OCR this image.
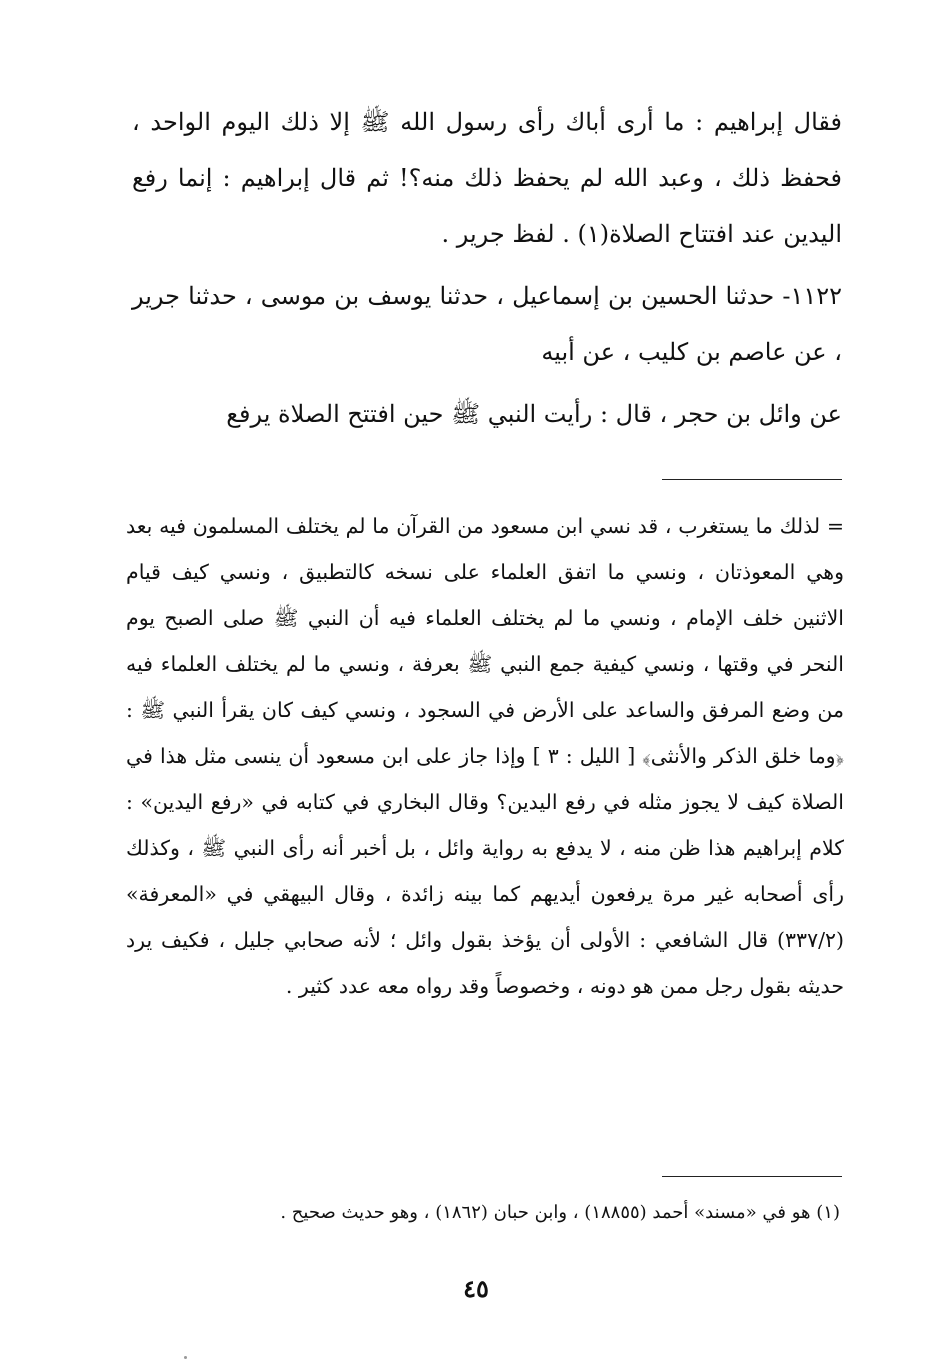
فقال إبراهيم : ما أرى أباك رأى رسول الله ﷺ إلا ذلك اليوم الواحد ، فحفظ ذلك ، وعبد الله لم يحفظ ذلك منه؟! ثم قال إبراهيم : إنما رفع اليدين عند افتتاح الصلاة(١) . لفظ جرير .

١١٢٢- حدثنا الحسين بن إسماعيل ، حدثنا يوسف بن موسى ، حدثنا جرير ، عن عاصم بن كليب ، عن أبيه

عن وائل بن حجر ، قال : رأيت النبي ﷺ حين افتتح الصلاة يرفع

= لذلك ما يستغرب ، قد نسي ابن مسعود من القرآن ما لم يختلف المسلمون فيه بعد وهي المعوذتان ، ونسي ما اتفق العلماء على نسخه كالتطبيق ، ونسي كيف قيام الاثنين خلف الإمام ، ونسي ما لم يختلف العلماء فيه أن النبي ﷺ صلى الصبح يوم النحر في وقتها ، ونسي كيفية جمع النبي ﷺ بعرفة ، ونسي ما لم يختلف العلماء فيه من وضع المرفق والساعد على الأرض في السجود ، ونسي كيف كان يقرأ النبي ﷺ : ﴿وما خلق الذكر والأنثى﴾ [ الليل : ٣ ] وإذا جاز على ابن مسعود أن ينسى مثل هذا في الصلاة كيف لا يجوز مثله في رفع اليدين؟ وقال البخاري في كتابه في «رفع اليدين» : كلام إبراهيم هذا ظن منه ، لا يدفع به رواية وائل ، بل أخبر أنه رأى النبي ﷺ ، وكذلك رأى أصحابه غير مرة يرفعون أيديهم كما بينه زائدة ، وقال البيهقي في «المعرفة» (٣٣٧/٢) قال الشافعي : الأولى أن يؤخذ بقول وائل ؛ لأنه صحابي جليل ، فكيف يرد حديثه بقول رجل ممن هو دونه ، وخصوصاً وقد رواه معه عدد كثير .

(١) هو في «مسند» أحمد (١٨٨٥٥) ، وابن حبان (١٨٦٢) ، وهو حديث صحيح .
٤٥
